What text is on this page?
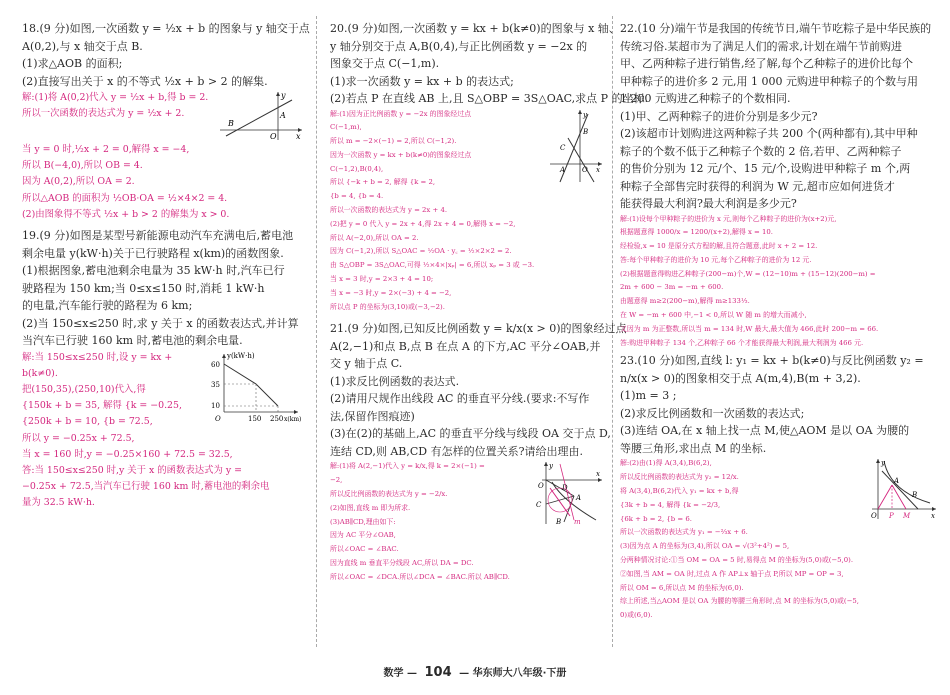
18.(9 分)如图,一次函数 y = ½x + b 的图象与 y 轴交于点

A(0,2),与 x 轴交于点 B.

(1)求△AOB 的面积;

(2)直接写出关于 x 的不等式 ½x + b > 2 的解集.

解:(1)将 A(0,2)代入 y = ½x + b,得 b = 2.

所以一次函数的表达式为 y = ½x + 2.

B
A
O x
y

当 y = 0 时,½x + 2 = 0,解得 x = −4,

所以 B(−4,0),所以 OB = 4.

因为 A(0,2),所以 OA = 2.

所以△AOB 的面积为 ½OB·OA = ½×4×2 = 4.

(2)由图象得不等式 ½x + b > 2 的解集为 x > 0.

19.(9 分)如图是某型号新能源电动汽车充满电后,蓄电池

剩余电量 y(kW·h)关于已行驶路程 x(km)的函数图象.

(1)根据图象,蓄电池剩余电量为 35 kW·h 时,汽车已行

驶路程为 150 km;当 0≤x≤150 时,消耗 1 kW·h

的电量,汽车能行驶的路程为 6 km;

(2)当 150≤x≤250 时,求 y 关于 x 的函数表达式,并计算

当汽车已行驶 160 km 时,蓄电池的剩余电量.

解:当 150≤x≤250 时,设 y = kx +

b(k≠0).

把(150,35),(250,10)代入,得

{150k + b = 35, 解得 {k = −0.25,

{250k + b = 10, {b = 72.5,

y(kW·h)
60
35
10
O	150 250 x(km)

所以 y = −0.25x + 72.5,

当 x = 160 时,y = −0.25×160 + 72.5 = 32.5,

答:当 150≤x≤250 时,y 关于 x 的函数表达式为 y =

−0.25x + 72.5,当汽车已行驶 160 km 时,蓄电池的剩余电

量为 32.5 kW·h.

20.(9 分)如图,一次函数 y = kx + b(k≠0)的图象与 x 轴、

y 轴分别交于点 A,B(0,4),与正比例函数 y = −2x 的

图象交于点 C(−1,m).

(1)求一次函数 y = kx + b 的表达式;

(2)若点 P 在直线 AB 上,且 S△OBP = 3S△OAC,求点 P 的坐标.

解:(1)因为正比例函数 y = −2x 的图象经过点

C(−1,m),

所以 m = −2×(−1) = 2,所以 C(−1,2).

因为一次函数 y = kx + b(k≠0)的图象经过点

C(−1,2),B(0,4),

所以 {−k + b = 2, 解得 {k = 2,

{b = 4, {b = 4.

y
B
C
A O x

所以一次函数的表达式为 y = 2x + 4.

(2)把 y = 0 代入 y = 2x + 4,得 2x + 4 = 0,解得 x = −2,

所以 A(−2,0),所以 OA = 2.

因为 C(−1,2),所以 S△OAC = ½OA · y꜀ = ½×2×2 = 2.

由 S△OBP = 3S△OAC,可得 ½×4×|xₚ| = 6,所以 xₚ = 3 或 −3.

当 x = 3 时,y = 2×3 + 4 = 10;

当 x = −3 时,y = 2×(−3) + 4 = −2,

所以点 P 的坐标为(3,10)或(−3,−2).

21.(9 分)如图,已知反比例函数 y = k/x(x > 0)的图象经过点

A(2,−1)和点 B,点 B 在点 A 的下方,AC 平分∠OAB,并

交 y 轴于点 C.

(1)求反比例函数的表达式.

(2)请用尺规作出线段 AC 的垂直平分线.(要求:不写作

法,保留作图痕迹)

(3)在(2)的基础上,AC 的垂直平分线与线段 OA 交于点 D,

连结 CD,则 AB,CD 有怎样的位置关系?请给出理由.

解:(1)将 A(2,−1)代入 y = k/x,得 k = 2×(−1) =

−2,

所以反比例函数的表达式为 y = −2/x.

(2)如图,直线 m 即为所求.

(3)AB∥CD,理由如下:

C
O	D
A
x
B m
y

因为 AC 平分∠OAB,

所以∠OAC = ∠BAC.

因为直线 m 垂直平分线段 AC,所以 DA = DC.

所以∠OAC = ∠DCA.所以∠DCA = ∠BAC.所以 AB∥CD.

22.(10 分)端午节是我国的传统节日,端午节吃粽子是中华民族的

传统习俗.某超市为了满足人们的需求,计划在端午节前购进

甲、乙两种粽子进行销售,经了解,每个乙种粽子的进价比每个

甲种粽子的进价多 2 元,用 1 000 元购进甲种粽子的个数与用

1 200 元购进乙种粽子的个数相同.

(1)甲、乙两种粽子的进价分别是多少元?

(2)该超市计划购进这两种粽子共 200 个(两种都有),其中甲种

粽子的个数不低于乙种粽子个数的 2 倍,若甲、乙两种粽子

的售价分别为 12 元/个、15 元/个,设购进甲种粽子 m 个,两

种粽子全部售完时获得的利润为 W 元,超市应如何进货才

能获得最大利润?最大利润是多少元?

解:(1)设每个甲种粽子的进价为 x 元,则每个乙种粽子的进价为(x+2)元,

根据题意得 1000/x = 1200/(x+2),解得 x = 10.

经检验,x = 10 是原分式方程的解,且符合题意,此时 x + 2 = 12.

答:每个甲种粽子的进价为 10 元,每个乙种粽子的进价为 12 元.

(2)根据题意得购进乙种粽子(200−m)个,W = (12−10)m + (15−12)(200−m) =

2m + 600 − 3m = −m + 600.

由题意得 m≥2(200−m),解得 m≥133⅓.

在 W = −m + 600 中,−1 < 0,所以 W 随 m 的增大而减小,

又因为 m 为正整数,所以当 m = 134 时,W 最大,最大值为 466,此时 200−m = 66.

答:购进甲种粽子 134 个,乙种粽子 66 个才能获得最大利润,最大利润为 466 元.

23.(10 分)如图,直线 l: y₁ = kx + b(k≠0)与反比例函数 y₂ =

n/x(x > 0)的图象相交于点 A(m,4),B(m + 3,2).

(1)m = 3 ;

(2)求反比例函数和一次函数的表达式;

(3)连结 OA,在 x 轴上找一点 M,使△AOM 是以 OA 为腰的

等腰三角形,求出点 M 的坐标.

解:(2)由(1)得 A(3,4),B(6,2),

所以反比例函数的表达式为 y₂ = 12/x.

将 A(3,4),B(6,2)代入 y₁ = kx + b,得

{3k + b = 4, 解得 {k = −2/3,

{6k + b = 2, {b = 6.

所以一次函数的表达式为 y₁ = −⅔x + 6.

y
A
B
O P M	x

(3)因为点 A 的坐标为(3,4),所以 OA = √(3²+4²) = 5,

分两种情况讨论:①当 OM = OA = 5 时,易得点 M 的坐标为(5,0)或(−5,0).

②如图,当 AM = OA 时,过点 A 作 AP⊥x 轴于点 P,所以 MP = OP = 3,

所以 OM = 6,所以点 M 的坐标为(6,0).

综上所述,当△AOM 是以 OA 为腰的等腰三角形时,点 M 的坐标为(5,0)或(−5,

0)或(6,0).

数学 — 104 — 华东师大八年级·下册
